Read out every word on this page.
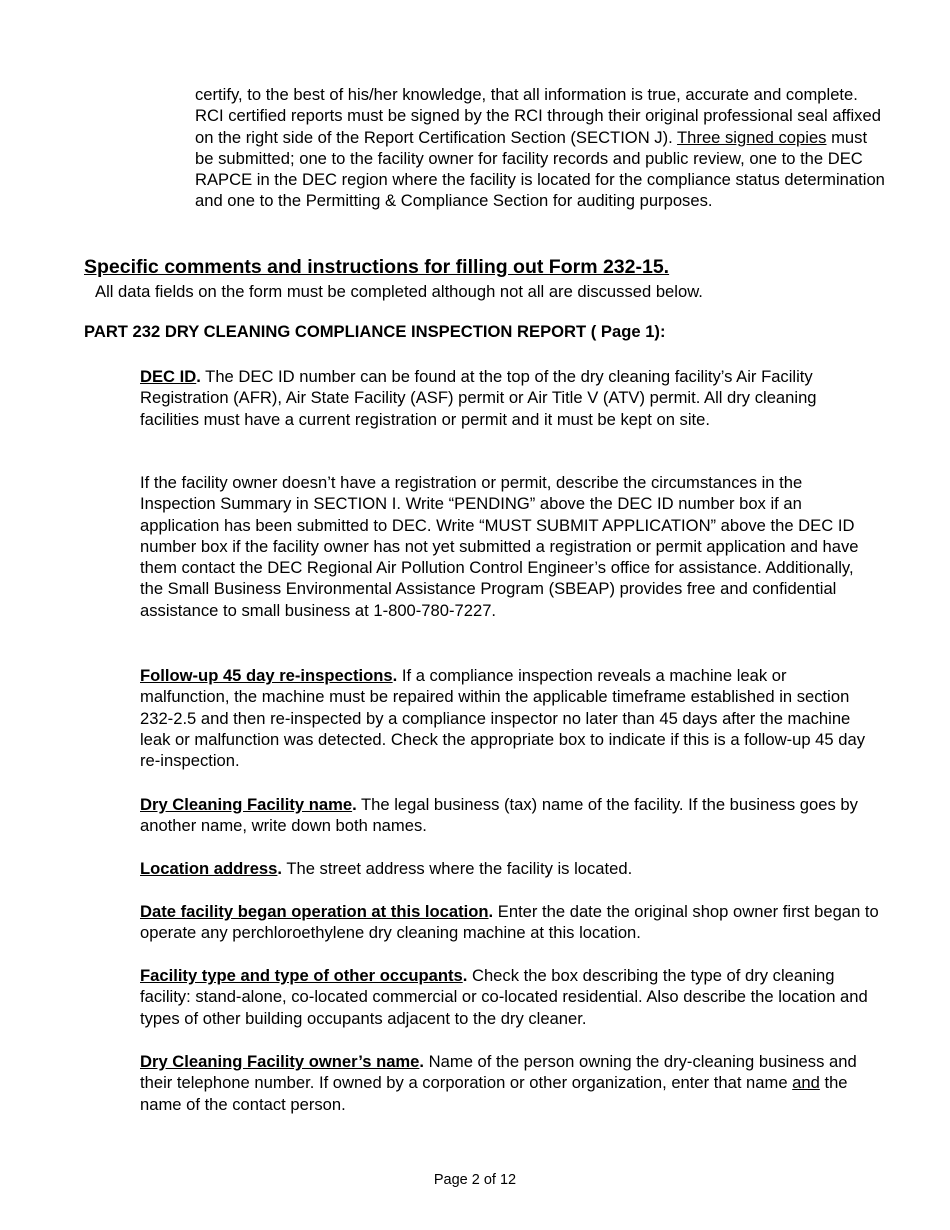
certify, to the best of his/her knowledge, that all information is true, accurate and complete. RCI certified reports must be signed by the RCI through their original professional seal affixed on the right side of the Report Certification Section (SECTION J). Three signed copies must be submitted; one to the facility owner for facility records and public review, one to the DEC RAPCE in the DEC region where the facility is located for the compliance status determination and one to the Permitting & Compliance Section for auditing purposes.

Specific comments and instructions for filling out Form 232-15.

All data fields on the form must be completed although not all are discussed below.

PART 232 DRY CLEANING COMPLIANCE INSPECTION REPORT ( Page 1):

DEC ID. The DEC ID number can be found at the top of the dry cleaning facility’s Air Facility Registration (AFR), Air State Facility (ASF) permit or Air Title V (ATV) permit. All dry cleaning facilities must have a current registration or permit and it must be kept on site.

If the facility owner doesn’t have a registration or permit, describe the circumstances in the Inspection Summary in SECTION I. Write “PENDING” above the DEC ID number box if an application has been submitted to DEC. Write “MUST SUBMIT APPLICATION” above the DEC ID number box if the facility owner has not yet submitted a registration or permit application and have them contact the DEC Regional Air Pollution Control Engineer’s office for assistance. Additionally, the Small Business Environmental Assistance Program (SBEAP) provides free and confidential assistance to small business at 1-800-780-7227.

Follow-up 45 day re-inspections. If a compliance inspection reveals a machine leak or malfunction, the machine must be repaired within the applicable timeframe established in section 232-2.5 and then re-inspected by a compliance inspector no later than 45 days after the machine leak or malfunction was detected. Check the appropriate box to indicate if this is a follow-up 45 day re-inspection.

Dry Cleaning Facility name. The legal business (tax) name of the facility. If the business goes by another name, write down both names.

Location address. The street address where the facility is located.

Date facility began operation at this location. Enter the date the original shop owner first began to operate any perchloroethylene dry cleaning machine at this location.

Facility type and type of other occupants. Check the box describing the type of dry cleaning facility: stand-alone, co-located commercial or co-located residential. Also describe the location and types of other building occupants adjacent to the dry cleaner.

Dry Cleaning Facility owner’s name. Name of the person owning the dry-cleaning business and their telephone number. If owned by a corporation or other organization, enter that name and the name of the contact person.

Page 2 of 12
